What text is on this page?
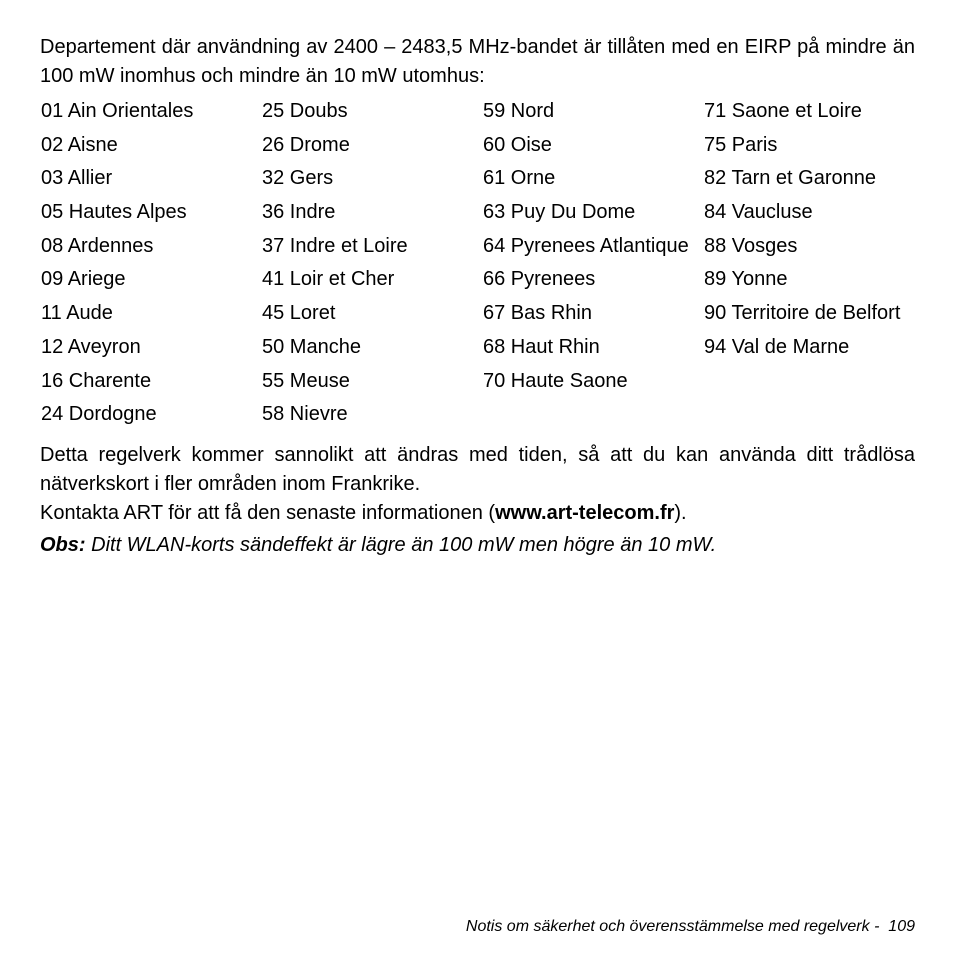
Departement där användning av 2400 – 2483,5 MHz-bandet är tillåten med en EIRP på mindre än 100 mW inomhus och mindre än 10 mW utomhus:

01 Ain Orientales
02 Aisne
03 Allier
05 Hautes Alpes
08 Ardennes
09 Ariege
11 Aude
12 Aveyron
16 Charente
24 Dordogne
25 Doubs
26 Drome
32 Gers
36 Indre
37 Indre et Loire
41 Loir et Cher
45 Loret
50 Manche
55 Meuse
58 Nievre
59 Nord
60 Oise
61 Orne
63 Puy Du Dome
64 Pyrenees Atlantique
66 Pyrenees
67 Bas Rhin
68 Haut Rhin
70 Haute Saone
71 Saone et Loire
75 Paris
82 Tarn et Garonne
84 Vaucluse
88 Vosges
89 Yonne
90 Territoire de Belfort
94 Val de Marne
Detta regelverk kommer sannolikt att ändras med tiden, så att du kan använda ditt trådlösa nätverkskort i fler områden inom Frankrike.
Kontakta ART för att få den senaste informationen (www.art-telecom.fr).

Obs: Ditt WLAN-korts sändeffekt är lägre än 100 mW men högre än 10 mW.

Notis om säkerhet och överensstämmelse med regelverk - 109
